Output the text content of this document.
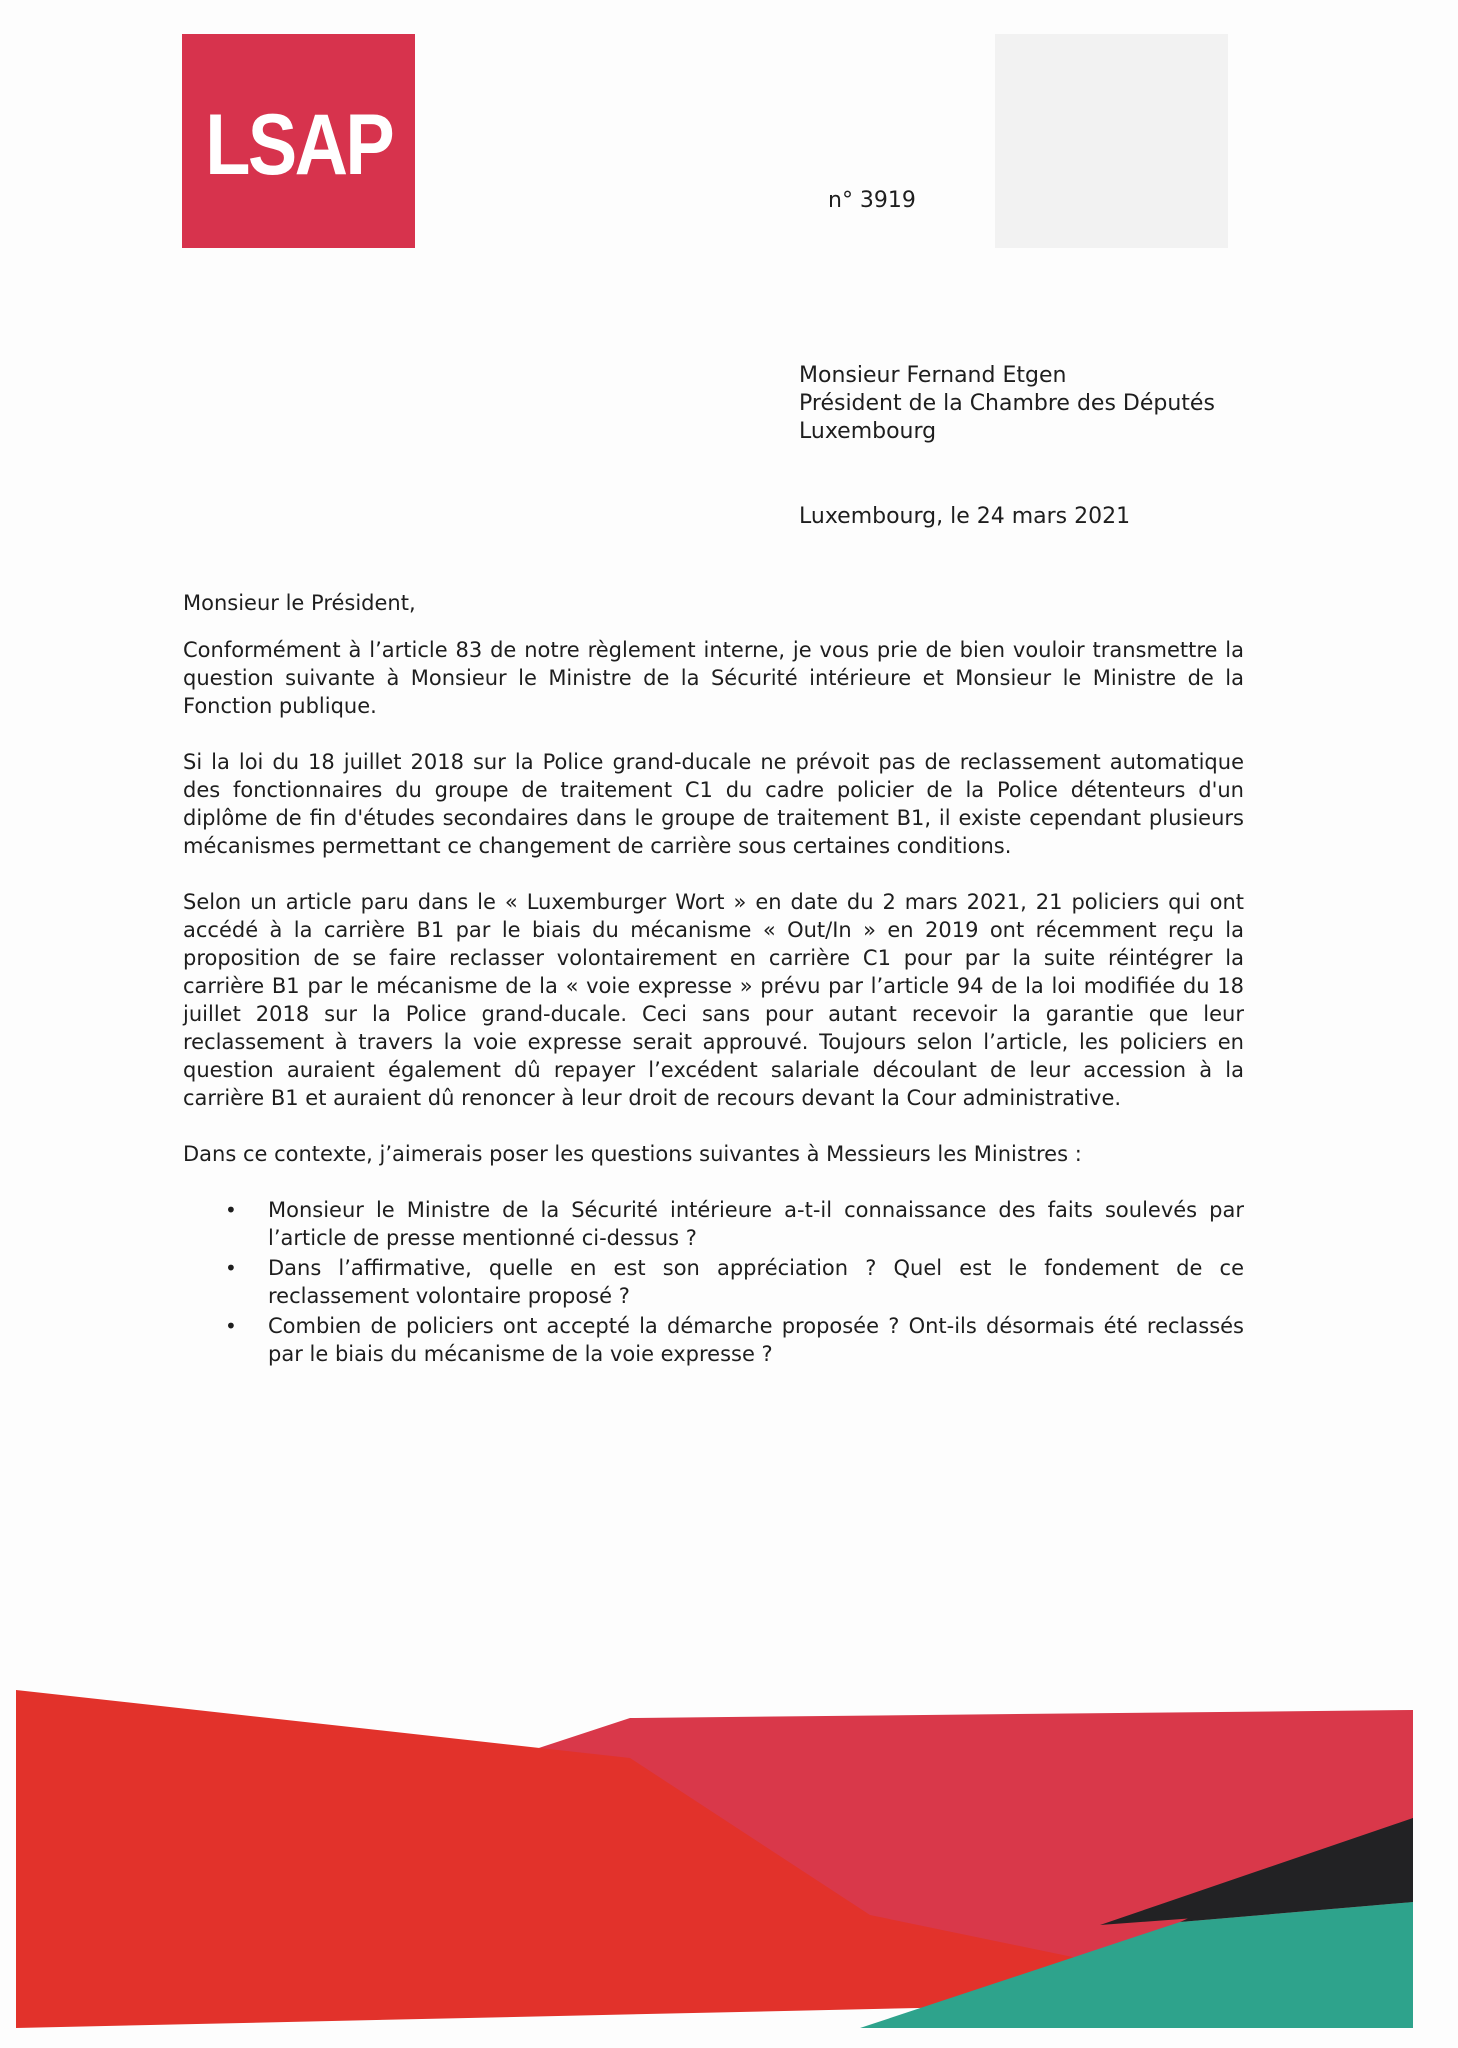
LSAP
n° 3919
Monsieur Fernand Etgen
Président de la Chambre des Députés
Luxembourg
Luxembourg, le 24 mars 2021

Monsieur le Président,

Conformément à l’article 83 de notre règlement interne, je vous prie de bien vouloir transmettre la question suivante à Monsieur le Ministre de la Sécurité intérieure et Monsieur le Ministre de la Fonction publique.

Si la loi du 18 juillet 2018 sur la Police grand-ducale ne prévoit pas de reclassement automatique des fonctionnaires du groupe de traitement C1 du cadre policier de la Police détenteurs d'un diplôme de fin d'études secondaires dans le groupe de traitement B1, il existe cependant plusieurs mécanismes permettant ce changement de carrière sous certaines conditions.

Selon un article paru dans le « Luxemburger Wort » en date du 2 mars 2021, 21 policiers qui ont accédé à la carrière B1 par le biais du mécanisme « Out/In » en 2019 ont récemment reçu la proposition de se faire reclasser volontairement en carrière C1 pour par la suite réintégrer la carrière B1 par le mécanisme de la « voie expresse » prévu par l’article 94 de la loi modifiée du 18 juillet 2018 sur la Police grand-ducale. Ceci sans pour autant recevoir la garantie que leur reclassement à travers la voie expresse serait approuvé. Toujours selon l’article, les policiers en question auraient également dû repayer l’excédent salariale découlant de leur accession à la carrière B1 et auraient dû renoncer à leur droit de recours devant la Cour administrative.

Dans ce contexte, j’aimerais poser les questions suivantes à Messieurs les Ministres :

• Monsieur le Ministre de la Sécurité intérieure a-t-il connaissance des faits soulevés par l’article de presse mentionné ci-dessus ?
• Dans l’affirmative, quelle en est son appréciation ? Quel est le fondement de ce reclassement volontaire proposé ?
• Combien de policiers ont accepté la démarche proposée ? Ont-ils désormais été reclassés par le biais du mécanisme de la voie expresse ?
